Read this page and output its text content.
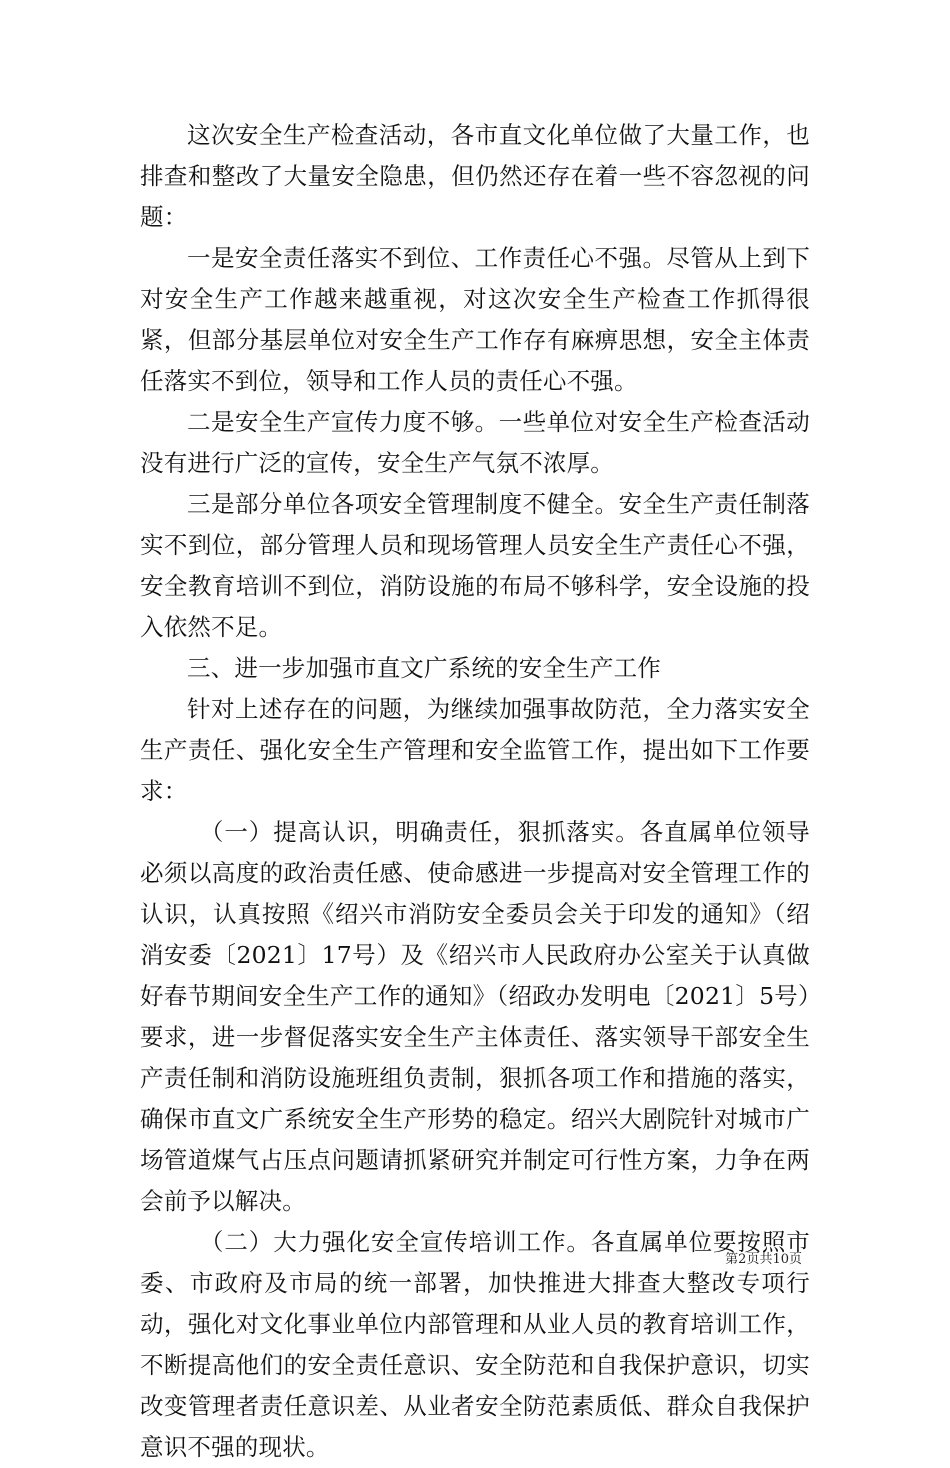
这次安全生产检查活动，各市直文化单位做了大量工作，也排查和整改了大量安全隐患，但仍然还存在着一些不容忽视的问题：

一是安全责任落实不到位、工作责任心不强。尽管从上到下对安全生产工作越来越重视，对这次安全生产检查工作抓得很紧，但部分基层单位对安全生产工作存有麻痹思想，安全主体责任落实不到位，领导和工作人员的责任心不强。

二是安全生产宣传力度不够。一些单位对安全生产检查活动没有进行广泛的宣传，安全生产气氛不浓厚。

三是部分单位各项安全管理制度不健全。安全生产责任制落实不到位，部分管理人员和现场管理人员安全生产责任心不强，安全教育培训不到位，消防设施的布局不够科学，安全设施的投入依然不足。

三、进一步加强市直文广系统的安全生产工作

针对上述存在的问题，为继续加强事故防范，全力落实安全生产责任、强化安全生产管理和安全监管工作，提出如下工作要求：

（一）提高认识，明确责任，狠抓落实。各直属单位领导必须以高度的政治责任感、使命感进一步提高对安全管理工作的认识，认真按照《绍兴市消防安全委员会关于印发的通知》（绍消安委〔2021〕17号）及《绍兴市人民政府办公室关于认真做好春节期间安全生产工作的通知》（绍政办发明电〔2021〕5号）要求，进一步督促落实安全生产主体责任、落实领导干部安全生产责任制和消防设施班组负责制，狠抓各项工作和措施的落实，确保市直文广系统安全生产形势的稳定。绍兴大剧院针对城市广场管道煤气占压点问题请抓紧研究并制定可行性方案，力争在两会前予以解决。

（二）大力强化安全宣传培训工作。各直属单位要按照市委、市政府及市局的统一部署，加快推进大排查大整改专项行动，强化对文化事业单位内部管理和从业人员的教育培训工作，不断提高他们的安全责任意识、安全防范和自我保护意识，切实改变管理者责任意识差、从业者安全防范素质低、群众自我保护意识不强的现状。

第2页共10页
